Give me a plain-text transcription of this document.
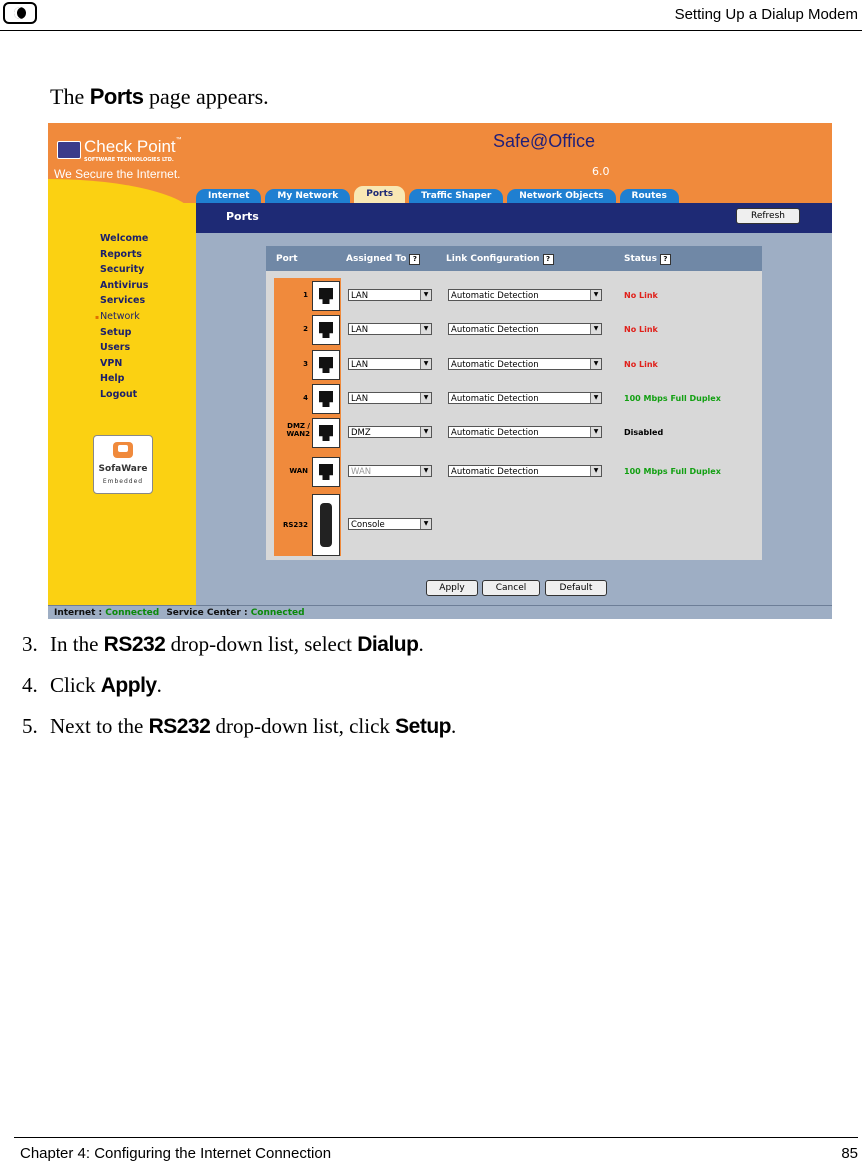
Setting Up a Dialup Modem
The Ports page appears.
Check Point™
SOFTWARE TECHNOLOGIES LTD.
We Secure the Internet.
Safe@Office
6.0
Internet	My Network	Ports	Traffic Shaper	Network Objects	Routes
Ports	Refresh
Welcome
Reports
Security
Antivirus
Services
▪ Network
Setup
Users
VPN
Help
Logout
SofaWare
Embedded
Port	Assigned To ?	Link Configuration ?	Status ?
1	LAN ▼	Automatic Detection ▼	No Link
2	LAN ▼	Automatic Detection ▼	No Link
3	LAN ▼	Automatic Detection ▼	No Link
4	LAN ▼	Automatic Detection ▼	100 Mbps Full Duplex
DMZ / WAN2	DMZ ▼	Automatic Detection ▼	Disabled
WAN	WAN ▼	Automatic Detection ▼	100 Mbps Full Duplex
RS232	Console ▼
Apply	Cancel	Default
Internet : Connected Service Center : Connected
3. In the RS232 drop-down list, select Dialup.
4. Click Apply.
5. Next to the RS232 drop-down list, click Setup.
Chapter 4: Configuring the Internet Connection	85
